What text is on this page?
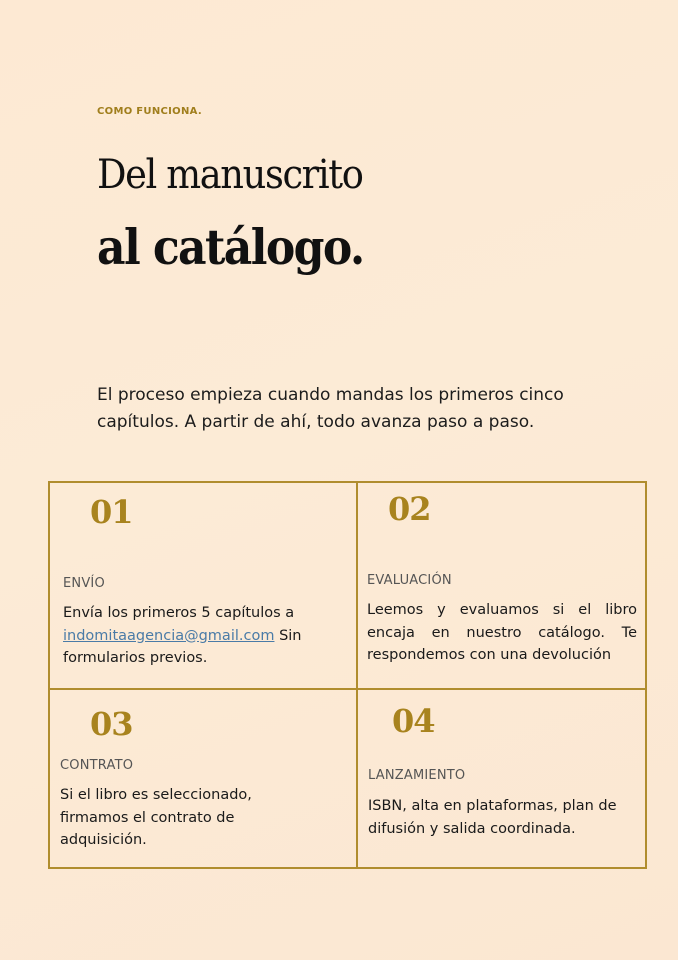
COMO FUNCIONA.
Del manuscrito
al catálogo.
El proceso empieza cuando mandas los primeros cinco capítulos. A partir de ahí, todo avanza paso a paso.
01
ENVÍO
Envía los primeros 5 capítulos a indomitaagencia@gmail.com Sin formularios previos.
02
EVALUACIÓN
Leemos y evaluamos si el libro encaja en nuestro catálogo. Te respondemos con una devolución
03
CONTRATO
Si el libro es seleccionado, firmamos el contrato de adquisición.
04
LANZAMIENTO
ISBN, alta en plataformas, plan de difusión y salida coordinada.
